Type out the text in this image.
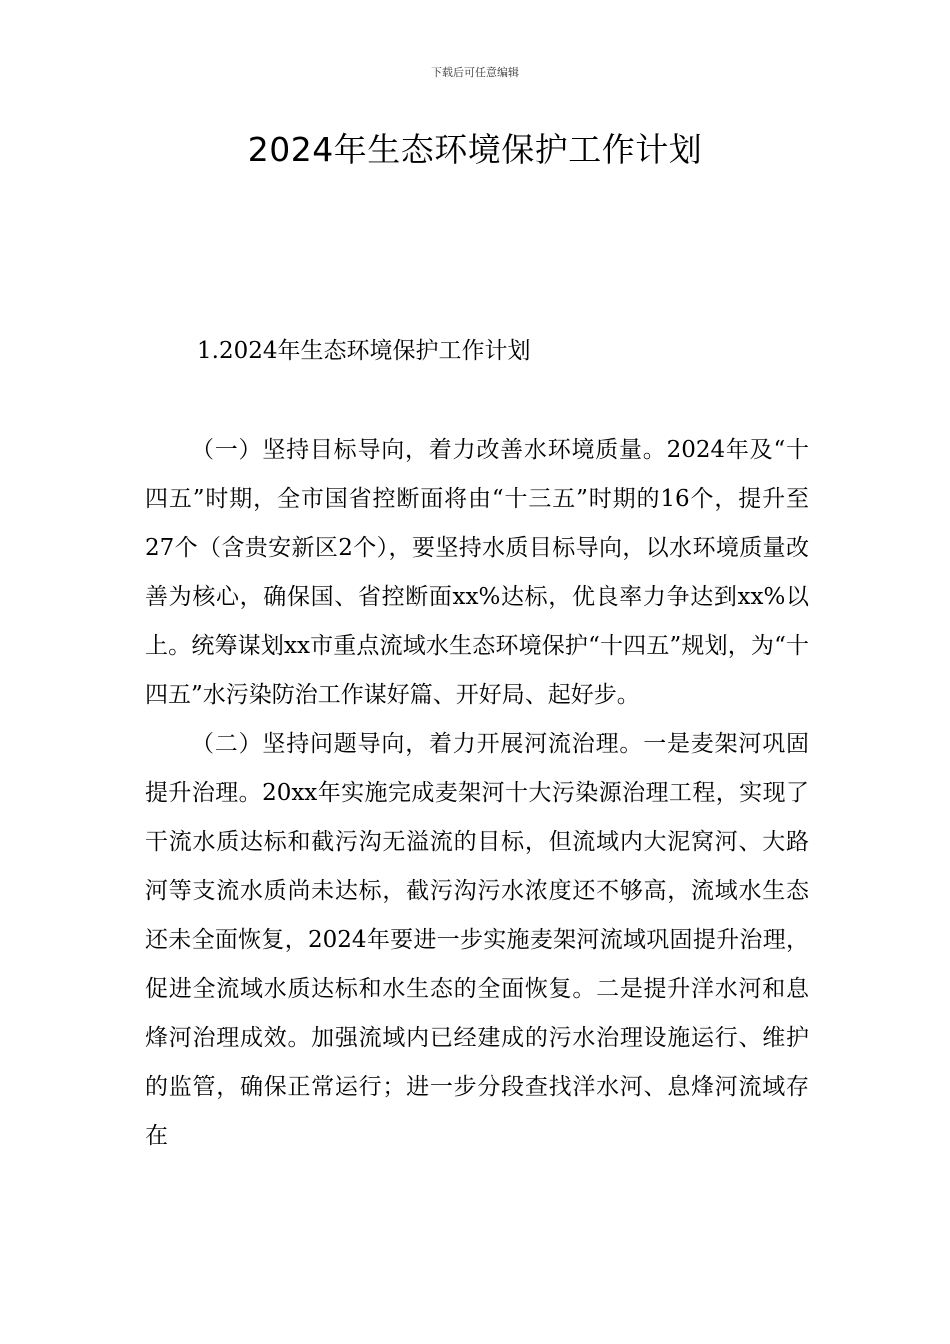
下载后可任意编辑
2024年生态环境保护工作计划
1.2024年生态环境保护工作计划

（一）坚持目标导向，着力改善水环境质量。2024年及“十四五”时期，全市国省控断面将由“十三五”时期的16个，提升至27个（含贵安新区2个），要坚持水质目标导向，以水环境质量改善为核心，确保国、省控断面xx%达标，优良率力争达到xx%以上。统筹谋划xx市重点流域水生态环境保护“十四五”规划，为“十四五”水污染防治工作谋好篇、开好局、起好步。

（二）坚持问题导向，着力开展河流治理。一是麦架河巩固提升治理。20xx年实施完成麦架河十大污染源治理工程，实现了干流水质达标和截污沟无溢流的目标，但流域内大泥窝河、大路河等支流水质尚未达标，截污沟污水浓度还不够高，流域水生态还未全面恢复，2024年要进一步实施麦架河流域巩固提升治理，促进全流域水质达标和水生态的全面恢复。二是提升洋水河和息烽河治理成效。加强流域内已经建成的污水治理设施运行、维护的监管，确保正常运行；进一步分段查找洋水河、息烽河流域存在
